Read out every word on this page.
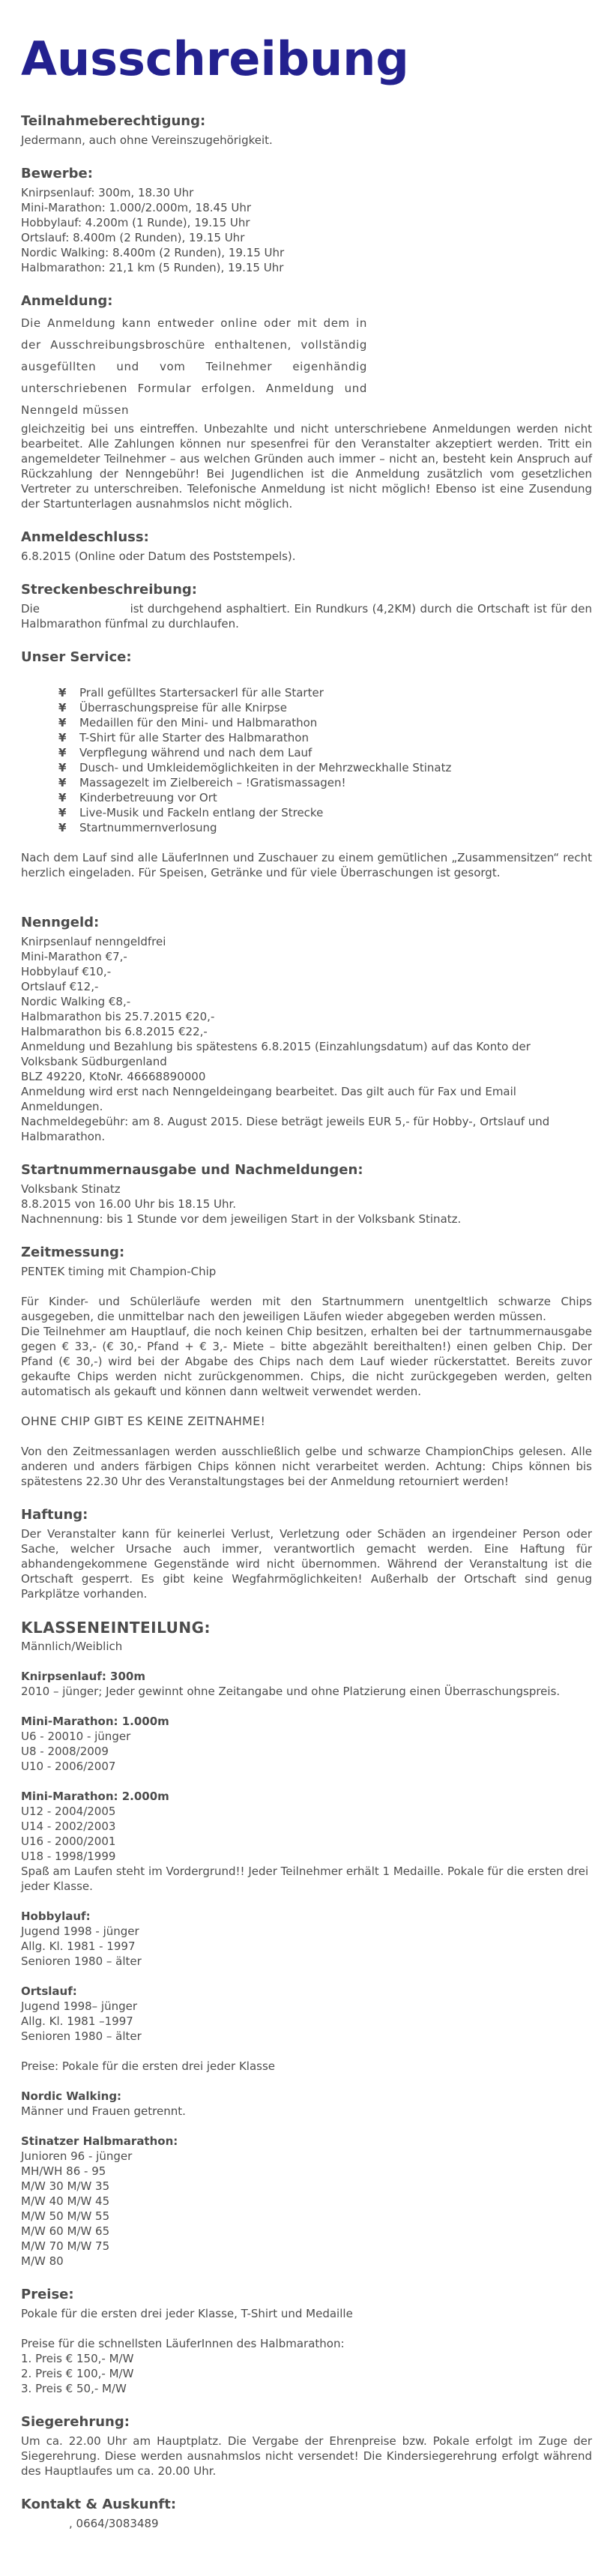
Ausschreibung
Teilnahmeberechtigung:
Jedermann, auch ohne Vereinszugehörigkeit.
Bewerbe:
Knirpsenlauf: 300m, 18.30 Uhr
Mini-Marathon: 1.000/2.000m, 18.45 Uhr
Hobbylauf: 4.200m (1 Runde), 19.15 Uhr
Ortslauf: 8.400m (2 Runden), 19.15 Uhr
Nordic Walking: 8.400m (2 Runden), 19.15 Uhr
Halbmarathon: 21,1 km (5 Runden), 19.15 Uhr
Anmeldung:
Die Anmeldung kann entweder online oder mit dem in der Ausschreibungsbroschüre enthaltenen, vollständig ausgefüllten und vom Teilnehmer eigenhändig unterschriebenen Formular erfolgen. Anmeldung und Nenngeld müssen
gleichzeitig bei uns eintreffen. Unbezahlte und nicht unterschriebene Anmeldungen werden nicht bearbeitet. Alle Zahlungen können nur spesenfrei für den Veranstalter akzeptiert werden. Tritt ein angemeldeter Teilnehmer – aus welchen Gründen auch immer – nicht an, besteht kein Anspruch auf Rückzahlung der Nenngebühr! Bei Jugendlichen ist die Anmeldung zusätzlich vom gesetzlichen Vertreter zu unterschreiben. Telefonische Anmeldung ist nicht möglich! Ebenso ist eine Zusendung der Startunterlagen ausnahmslos nicht möglich.
Anmeldeschluss:
6.8.2015 (Online oder Datum des Poststempels).
Streckenbeschreibung:
Die                      ist durchgehend asphaltiert. Ein Rundkurs (4,2KM) durch die Ortschaft ist für den Halbmarathon fünfmal zu durchlaufen.
Unser Service:
¥	Prall gefülltes Startersackerl für alle Starter
¥	Überraschungspreise für alle Knirpse
¥	Medaillen für den Mini- und Halbmarathon
¥	T-Shirt für alle Starter des Halbmarathon
¥	Verpflegung während und nach dem Lauf
¥	Dusch- und Umkleidemöglichkeiten in der Mehrzweckhalle Stinatz
¥	Massagezelt im Zielbereich – !Gratismassagen!
¥	Kinderbetreuung vor Ort
¥	Live-Musik und Fackeln entlang der Strecke
¥	Startnummernverlosung
Nach dem Lauf sind alle LäuferInnen und Zuschauer zu einem gemütlichen „Zusammensitzen“ recht herzlich eingeladen. Für Speisen, Getränke und für viele Überraschungen ist gesorgt.
Nenngeld:
Knirpsenlauf nenngeldfrei
Mini-Marathon €7,-
Hobbylauf €10,-
Ortslauf €12,-
Nordic Walking €8,-
Halbmarathon bis 25.7.2015 €20,-
Halbmarathon bis 6.8.2015 €22,-
Anmeldung und Bezahlung bis spätestens 6.8.2015 (Einzahlungsdatum) auf das Konto der
Volksbank Südburgenland
BLZ 49220, KtoNr. 46668890000
Anmeldung wird erst nach Nenngeldeingang bearbeitet. Das gilt auch für Fax und Email Anmeldungen.
Nachmeldegebühr: am 8. August 2015. Diese beträgt jeweils EUR 5,- für Hobby-, Ortslauf und Halbmarathon.
Startnummernausgabe und Nachmeldungen:
Volksbank Stinatz
8.8.2015 von 16.00 Uhr bis 18.15 Uhr.
Nachnennung: bis 1 Stunde vor dem jeweiligen Start in der Volksbank Stinatz.
Zeitmessung:
PENTEK timing mit Champion-Chip
Für Kinder- und Schülerläufe werden mit den Startnummern unentgeltlich schwarze Chips ausgegeben, die unmittelbar nach den jeweiligen Läufen wieder abgegeben werden müssen.
Die Teilnehmer am Hauptlauf, die noch keinen Chip besitzen, erhalten bei der  tartnummernausgabe gegen € 33,- (€ 30,- Pfand + € 3,- Miete – bitte abgezählt bereithalten!) einen gelben Chip. Der Pfand (€ 30,-) wird bei der Abgabe des Chips nach dem Lauf wieder rückerstattet. Bereits zuvor gekaufte Chips werden nicht zurückgenommen. Chips, die nicht zurückgegeben werden, gelten automatisch als gekauft und können dann weltweit verwendet werden.
OHNE CHIP GIBT ES KEINE ZEITNAHME!
Von den Zeitmessanlagen werden ausschließlich gelbe und schwarze ChampionChips gelesen. Alle anderen und anders färbigen Chips können nicht verarbeitet werden. Achtung: Chips können bis spätestens 22.30 Uhr des Veranstaltungstages bei der Anmeldung retourniert werden!
Haftung:
Der Veranstalter kann für keinerlei Verlust, Verletzung oder Schäden an irgendeiner Person oder Sache, welcher Ursache auch immer, verantwortlich gemacht werden. Eine Haftung für abhandengekommene Gegenstände wird nicht übernommen. Während der Veranstaltung ist die Ortschaft gesperrt. Es gibt keine Wegfahrmöglichkeiten! Außerhalb der Ortschaft sind genug Parkplätze vorhanden.
KLASSENEINTEILUNG:
Männlich/Weiblich
Knirpsenlauf: 300m
2010 – jünger; Jeder gewinnt ohne Zeitangabe und ohne Platzierung einen Überraschungspreis.
Mini-Marathon: 1.000m
U6 - 20010 - jünger
U8 - 2008/2009
U10 - 2006/2007
Mini-Marathon: 2.000m
U12 - 2004/2005
U14 - 2002/2003
U16 - 2000/2001
U18 - 1998/1999
Spaß am Laufen steht im Vordergrund!! Jeder Teilnehmer erhält 1 Medaille. Pokale für die ersten drei jeder Klasse.
Hobbylauf:
Jugend 1998 - jünger
Allg. Kl. 1981 - 1997
Senioren 1980 – älter
Ortslauf:
Jugend 1998– jünger
Allg. Kl. 1981 –1997
Senioren 1980 – älter
Preise: Pokale für die ersten drei jeder Klasse
Nordic Walking:
Männer und Frauen getrennt.
Stinatzer Halbmarathon:
Junioren 96 - jünger
MH/WH 86 - 95
M/W 30 M/W 35
M/W 40 M/W 45
M/W 50 M/W 55
M/W 60 M/W 65
M/W 70 M/W 75
M/W 80
Preise:
Pokale für die ersten drei jeder Klasse, T-Shirt und Medaille
Preise für die schnellsten LäuferInnen des Halbmarathon:
1. Preis € 150,- M/W
2. Preis € 100,- M/W
3. Preis € 50,- M/W
Siegerehrung:
Um ca. 22.00 Uhr am Hauptplatz. Die Vergabe der Ehrenpreise bzw. Pokale erfolgt im Zuge der Siegerehrung. Diese werden ausnahmslos nicht versendet! Die Kindersiegerehrung erfolgt während des Hauptlaufes um ca. 20.00 Uhr.
Kontakt & Auskunft:
, 0664/3083489
